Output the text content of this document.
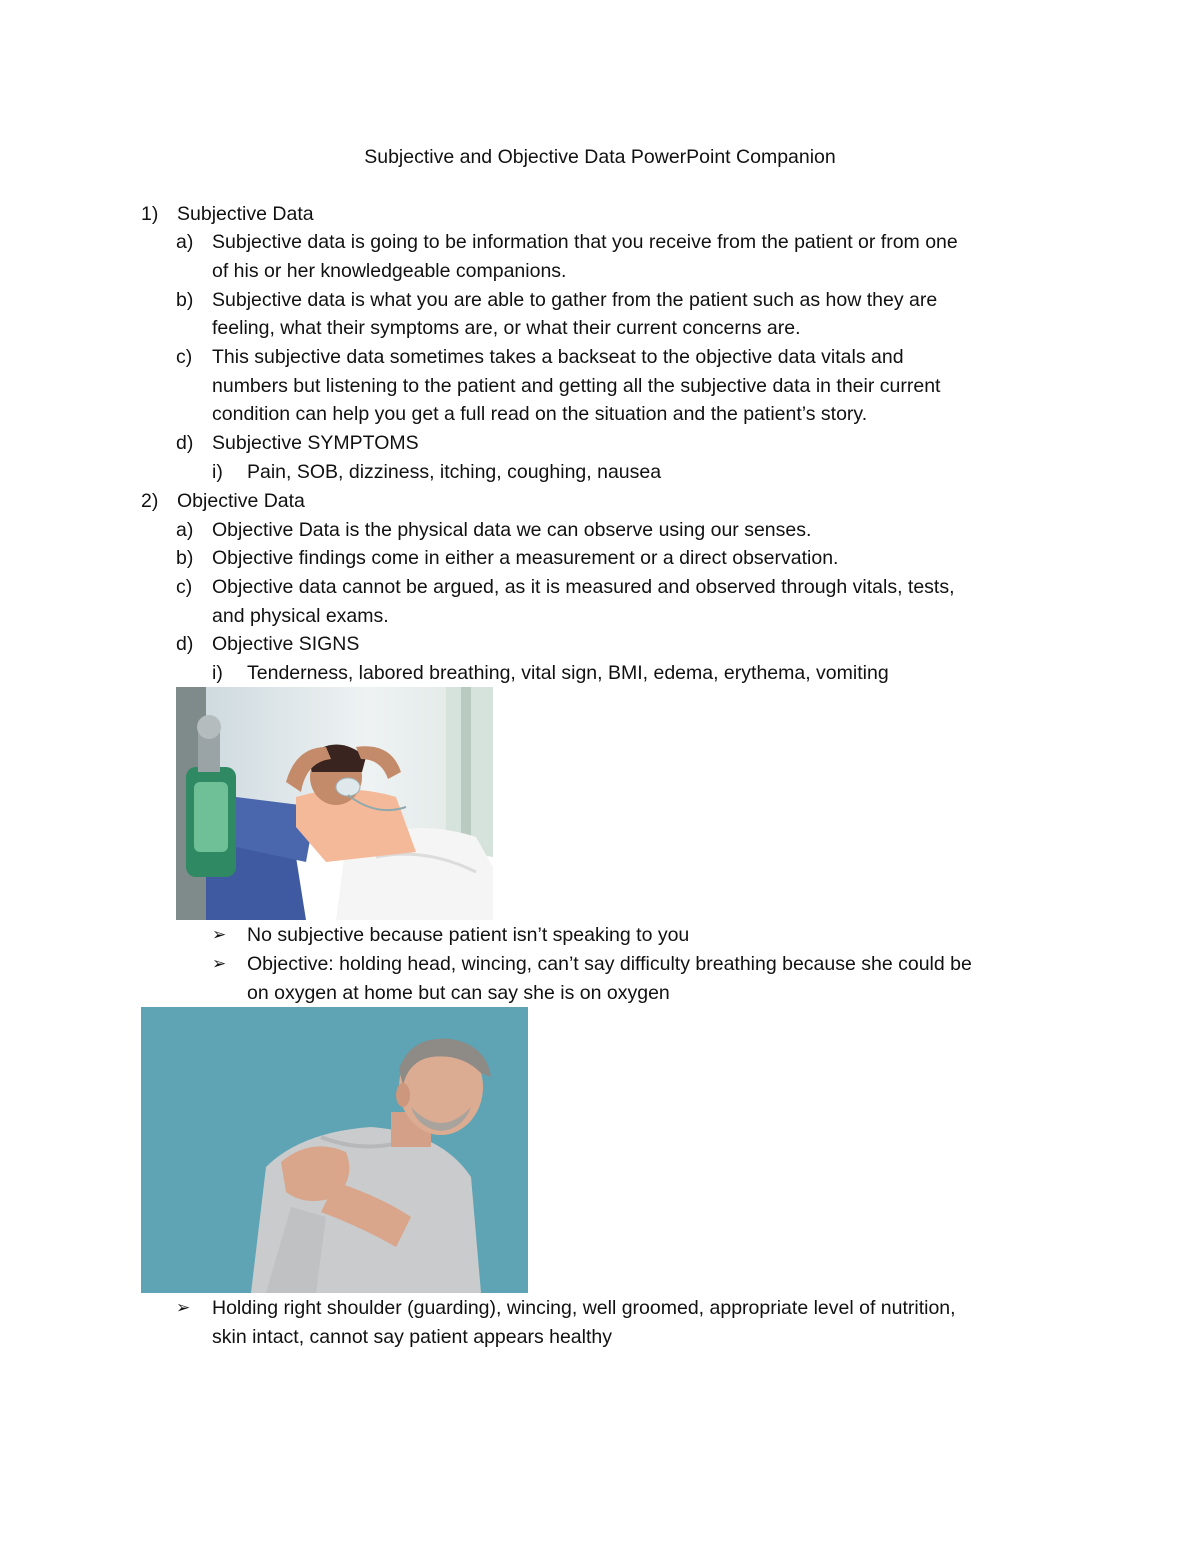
Subjective and Objective Data PowerPoint Companion
1) Subjective Data
a) Subjective data is going to be information that you receive from the patient or from one
of his or her knowledgeable companions.
b) Subjective data is what you are able to gather from the patient such as how they are
feeling, what their symptoms are, or what their current concerns are.
c) This subjective data sometimes takes a backseat to the objective data vitals and
numbers but listening to the patient and getting all the subjective data in their current
condition can help you get a full read on the situation and the patient’s story.
d) Subjective SYMPTOMS
i) Pain, SOB, dizziness, itching, coughing, nausea
2) Objective Data
a) Objective Data is the physical data we can observe using our senses.
b) Objective findings come in either a measurement or a direct observation.
c) Objective data cannot be argued, as it is measured and observed through vitals, tests,
and physical exams.
d) Objective SIGNS
i) Tenderness, labored breathing, vital sign, BMI, edema, erythema, vomiting
➢ No subjective because patient isn’t speaking to you
➢ Objective: holding head, wincing, can’t say difficulty breathing because she could be
on oxygen at home but can say she is on oxygen
➢ Holding right shoulder (guarding), wincing, well groomed, appropriate level of nutrition,
skin intact, cannot say patient appears healthy
